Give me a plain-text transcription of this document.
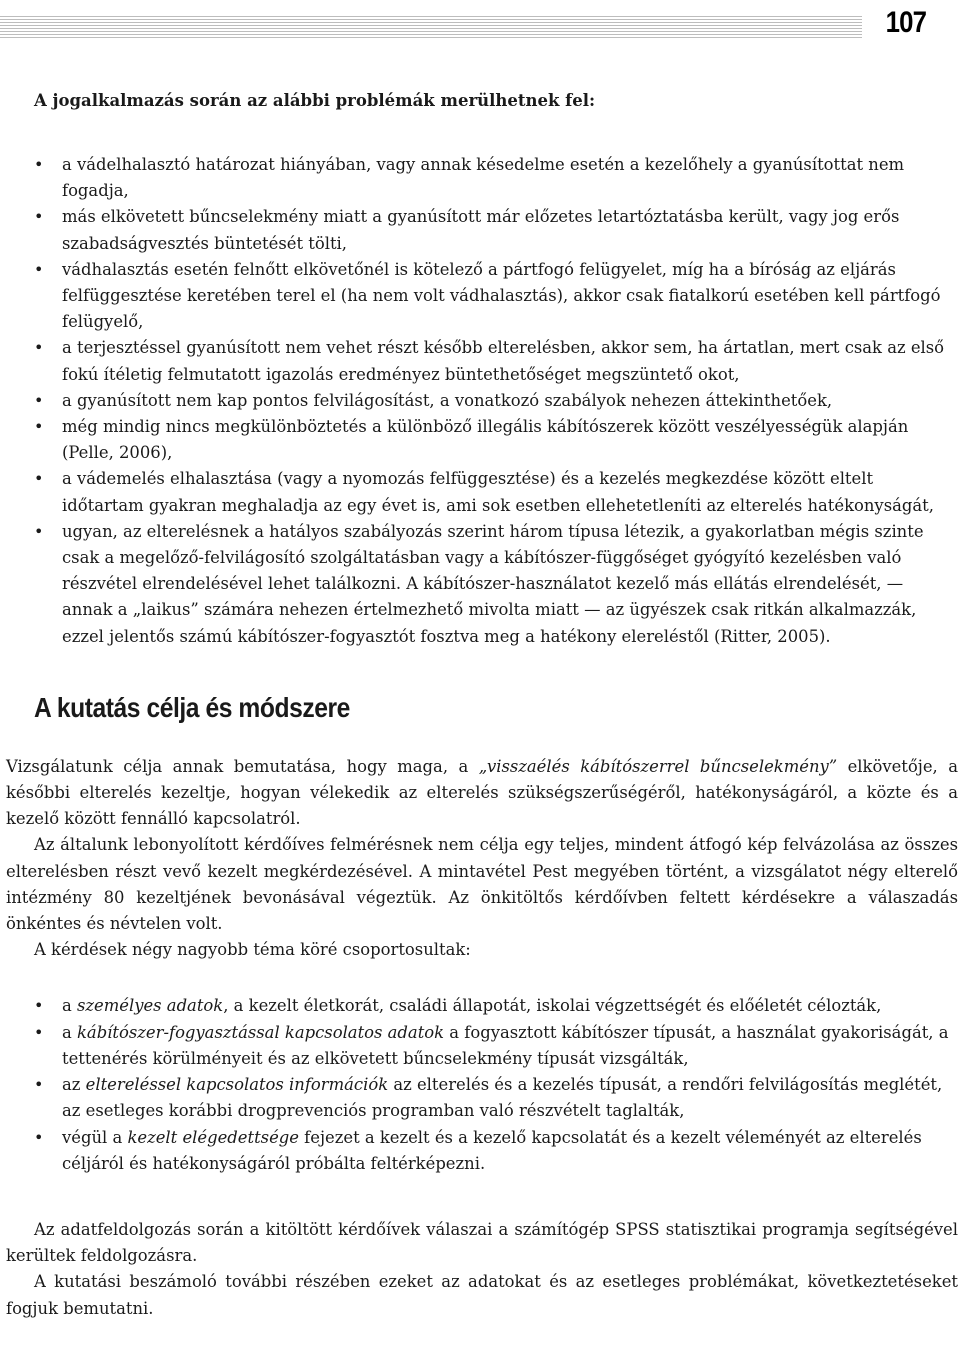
107

A jogalkalmazás során az alábbi problémák merülhetnek fel:

• a vádelhalasztó határozat hiányában, vagy annak késedelme esetén a kezelőhely a gyanúsítottat nem fogadja,
• más elkövetett bűncselekmény miatt a gyanúsított már előzetes letartóztatásba került, vagy jog erős szabadságvesztés büntetését tölti,
• vádhalasztás esetén felnőtt elkövetőnél is kötelező a pártfogó felügyelet, míg ha a bíróság az eljárás felfüggesztése keretében terel el (ha nem volt vádhalasztás), akkor csak fiatalkorú esetében kell pártfogó felügyelő,
• a terjesztéssel gyanúsított nem vehet részt később elterelésben, akkor sem, ha ártatlan, mert csak az első fokú ítéletig felmutatott igazolás eredményez büntethetőséget megszüntető okot,
• a gyanúsított nem kap pontos felvilágosítást, a vonatkozó szabályok nehezen áttekinthetőek,
• még mindig nincs megkülönböztetés a különböző illegális kábítószerek között veszélyességük alapján (Pelle, 2006),
• a vádemelés elhalasztása (vagy a nyomozás felfüggesztése) és a kezelés megkezdése között eltelt időtartam gyakran meghaladja az egy évet is, ami sok esetben ellehetetleníti az elterelés hatékonyságát,
• ugyan, az elterelésnek a hatályos szabályozás szerint három típusa létezik, a gyakorlatban mégis szinte csak a megelőző-felvilágosító szolgáltatásban vagy a kábítószer-függőséget gyógyító kezelésben való részvétel elrendelésével lehet találkozni. A kábítószer-használatot kezelő más ellátás elrendelését, — annak a „laikus” számára nehezen értelmezhető mivolta miatt — az ügyészek csak ritkán alkalmazzák, ezzel jelentős számú kábítószer-fogyasztót fosztva meg a hatékony elereléstől (Ritter, 2005).
A kutatás célja és módszere

Vizsgálatunk célja annak bemutatása, hogy maga, a „visszaélés kábítószerrel bűncselekmény” elkövetője, a későbbi elterelés kezeltje, hogyan vélekedik az elterelés szükségszerűségéről, hatékonyságáról, a közte és a kezelő között fennálló kapcsolatról.

Az általunk lebonyolított kérdőíves felmérésnek nem célja egy teljes, mindent átfogó kép felvázolása az összes elterelésben részt vevő kezelt megkérdezésével. A mintavétel Pest megyében történt, a vizsgálatot négy elterelő intézmény 80 kezeltjének bevonásával végeztük. Az önkitöltős kérdőívben feltett kérdésekre a válaszadás önkéntes és névtelen volt.

A kérdések négy nagyobb téma köré csoportosultak:

• a személyes adatok, a kezelt életkorát, családi állapotát, iskolai végzettségét és előéletét célozták,
• a kábítószer-fogyasztással kapcsolatos adatok a fogyasztott kábítószer típusát, a használat gyakoriságát, a tettenérés körülményeit és az elkövetett bűncselekmény típusát vizsgálták,
• az eltereléssel kapcsolatos információk az elterelés és a kezelés típusát, a rendőri felvilágosítás meglétét, az esetleges korábbi drogprevenciós programban való részvételt taglalták,
• végül a kezelt elégedettsége fejezet a kezelt és a kezelő kapcsolatát és a kezelt véleményét az elterelés céljáról és hatékonyságáról próbálta feltérképezni.

Az adatfeldolgozás során a kitöltött kérdőívek válaszai a számítógép SPSS statisztikai programja segítségével kerültek feldolgozásra.

A kutatási beszámoló további részében ezeket az adatokat és az esetleges problémákat, következtetéseket fogjuk bemutatni.
